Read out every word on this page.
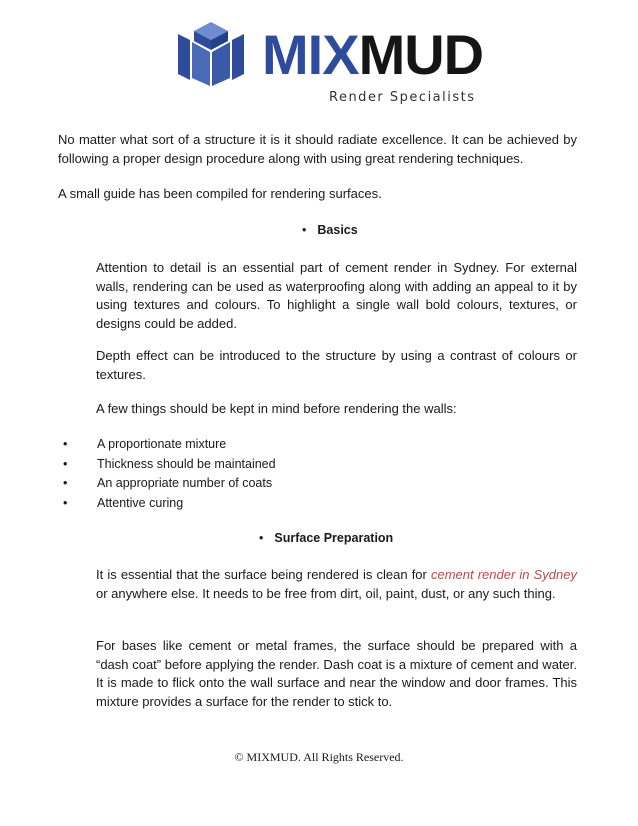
MIXMUD
Render Specialists

No matter what sort of a structure it is it should radiate excellence. It can be achieved by following a proper design procedure along with using great rendering techniques.

A small guide has been compiled for rendering surfaces.

• Basics

Attention to detail is an essential part of cement render in Sydney. For external walls, rendering can be used as waterproofing along with adding an appeal to it by using textures and colours. To highlight a single wall bold colours, textures, or designs could be added.

Depth effect can be introduced to the structure by using a contrast of colours or textures.

A few things should be kept in mind before rendering the walls:

• A proportionate mixture
• Thickness should be maintained
• An appropriate number of coats
• Attentive curing
• Surface Preparation

It is essential that the surface being rendered is clean for cement render in Sydney or anywhere else. It needs to be free from dirt, oil, paint, dust, or any such thing.

For bases like cement or metal frames, the surface should be prepared with a “dash coat” before applying the render. Dash coat is a mixture of cement and water. It is made to flick onto the wall surface and near the window and door frames. This mixture provides a surface for the render to stick to.

© MIXMUD. All Rights Reserved.
